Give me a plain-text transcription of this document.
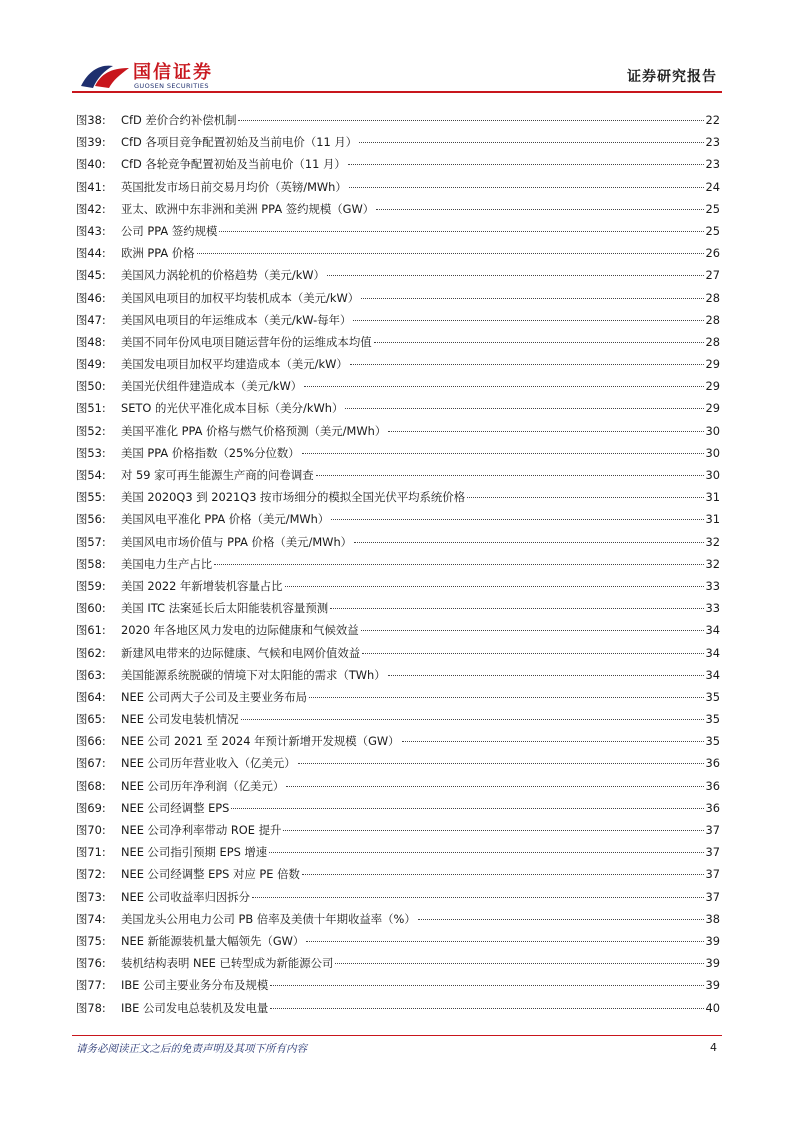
国信证券
GUOSEN SECURITIES
证券研究报告
图38:	CfD 差价合约补偿机制	22
图39:	CfD 各项目竞争配置初始及当前电价（11 月）	23
图40:	CfD 各轮竞争配置初始及当前电价（11 月）	23
图41:	英国批发市场日前交易月均价（英镑/MWh）	24
图42:	亚太、欧洲中东非洲和美洲 PPA 签约规模（GW）	25
图43:	公司 PPA 签约规模	25
图44:	欧洲 PPA 价格	26
图45:	美国风力涡轮机的价格趋势（美元/kW）	27
图46:	美国风电项目的加权平均装机成本（美元/kW）	28
图47:	美国风电项目的年运维成本（美元/kW-每年）	28
图48:	美国不同年份风电项目随运营年份的运维成本均值	28
图49:	美国发电项目加权平均建造成本（美元/kW）	29
图50:	美国光伏组件建造成本（美元/kW）	29
图51:	SETO 的光伏平准化成本目标（美分/kWh）	29
图52:	美国平准化 PPA 价格与燃气价格预测（美元/MWh）	30
图53:	美国 PPA 价格指数（25%分位数）	30
图54:	对 59 家可再生能源生产商的问卷调查	30
图55:	美国 2020Q3 到 2021Q3 按市场细分的模拟全国光伏平均系统价格	31
图56:	美国风电平准化 PPA 价格（美元/MWh）	31
图57:	美国风电市场价值与 PPA 价格（美元/MWh）	32
图58:	美国电力生产占比	32
图59:	美国 2022 年新增装机容量占比	33
图60:	美国 ITC 法案延长后太阳能装机容量预测	33
图61:	2020 年各地区风力发电的边际健康和气候效益	34
图62:	新建风电带来的边际健康、气候和电网价值效益	34
图63:	美国能源系统脱碳的情境下对太阳能的需求（TWh）	34
图64:	NEE 公司两大子公司及主要业务布局	35
图65:	NEE 公司发电装机情况	35
图66:	NEE 公司 2021 至 2024 年预计新增开发规模（GW）	35
图67:	NEE 公司历年营业收入（亿美元）	36
图68:	NEE 公司历年净利润（亿美元）	36
图69:	NEE 公司经调整 EPS	36
图70:	NEE 公司净利率带动 ROE 提升	37
图71:	NEE 公司指引预期 EPS 增速	37
图72:	NEE 公司经调整 EPS 对应 PE 倍数	37
图73:	NEE 公司收益率归因拆分	37
图74:	美国龙头公用电力公司 PB 倍率及美债十年期收益率（%）	38
图75:	NEE 新能源装机量大幅领先（GW）	39
图76:	装机结构表明 NEE 已转型成为新能源公司	39
图77:	IBE 公司主要业务分布及规模	39
图78:	IBE 公司发电总装机及发电量	40
请务必阅读正文之后的免责声明及其项下所有内容	4
